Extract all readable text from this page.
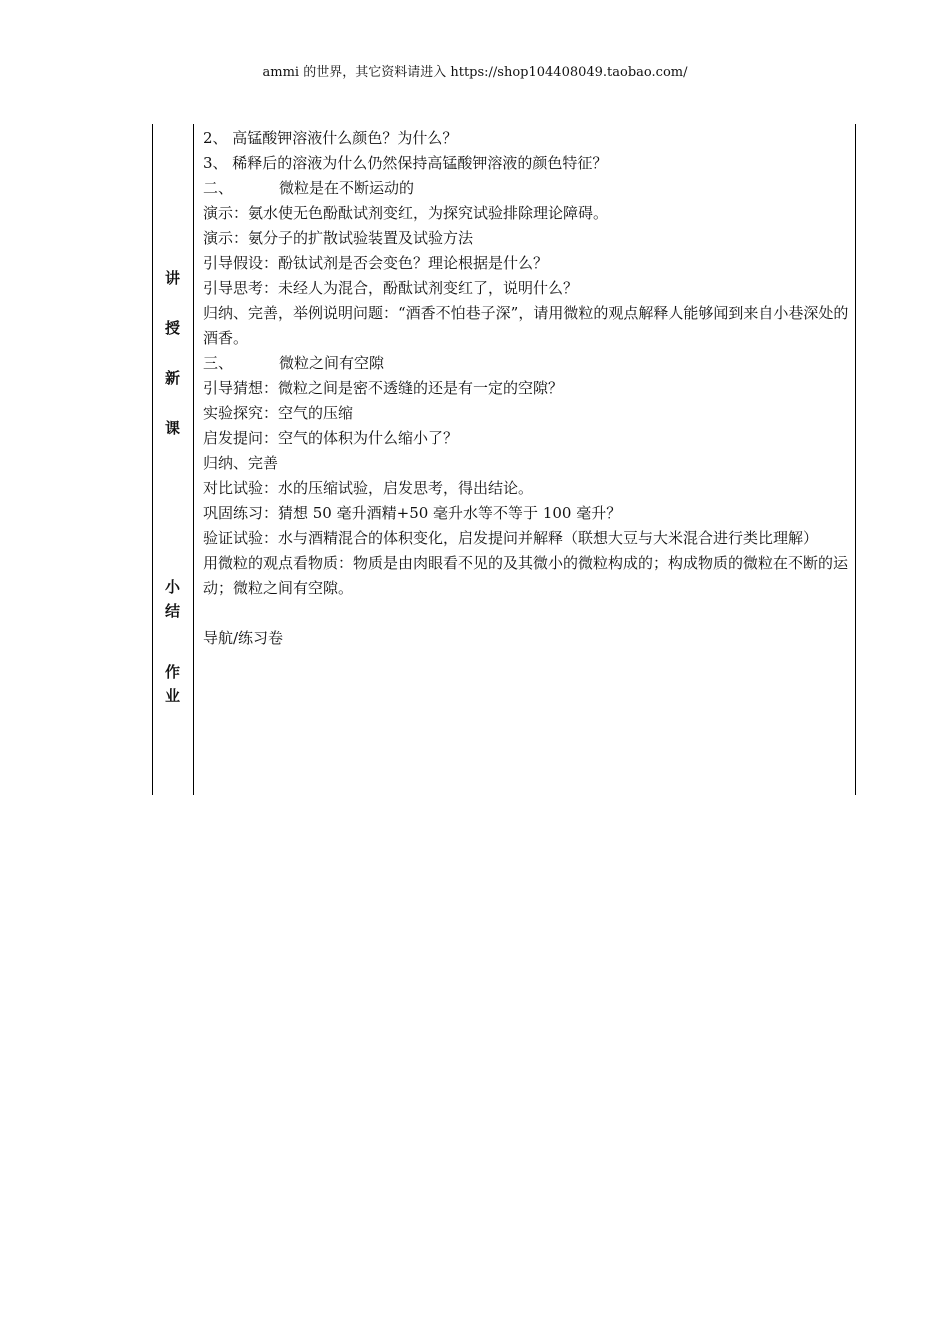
ammi 的世界，其它资料请进入 https://shop104408049.taobao.com/
讲
授
新
课
小
结
作
业

2、 高锰酸钾溶液什么颜色？为什么？

3、 稀释后的溶液为什么仍然保持高锰酸钾溶液的颜色特征？

二、	微粒是在不断运动的

演示：氨水使无色酚酞试剂变红，为探究试验排除理论障碍。

演示：氨分子的扩散试验装置及试验方法

引导假设：酚钛试剂是否会变色？理论根据是什么？

引导思考：未经人为混合，酚酞试剂变红了，说明什么？

归纳、完善，举例说明问题：“酒香不怕巷子深”，请用微粒的观点解释人能够闻到来自小巷深处的酒香。

三、	微粒之间有空隙

引导猜想：微粒之间是密不透缝的还是有一定的空隙？

实验探究：空气的压缩

启发提问：空气的体积为什么缩小了？

归纳、完善

对比试验：水的压缩试验，启发思考，得出结论。

巩固练习：猜想 50 毫升酒精+50 毫升水等不等于 100 毫升？

验证试验：水与酒精混合的体积变化，启发提问并解释（联想大豆与大米混合进行类比理解）

用微粒的观点看物质：物质是由肉眼看不见的及其微小的微粒构成的；构成物质的微粒在不断的运动；微粒之间有空隙。

导航/练习卷
